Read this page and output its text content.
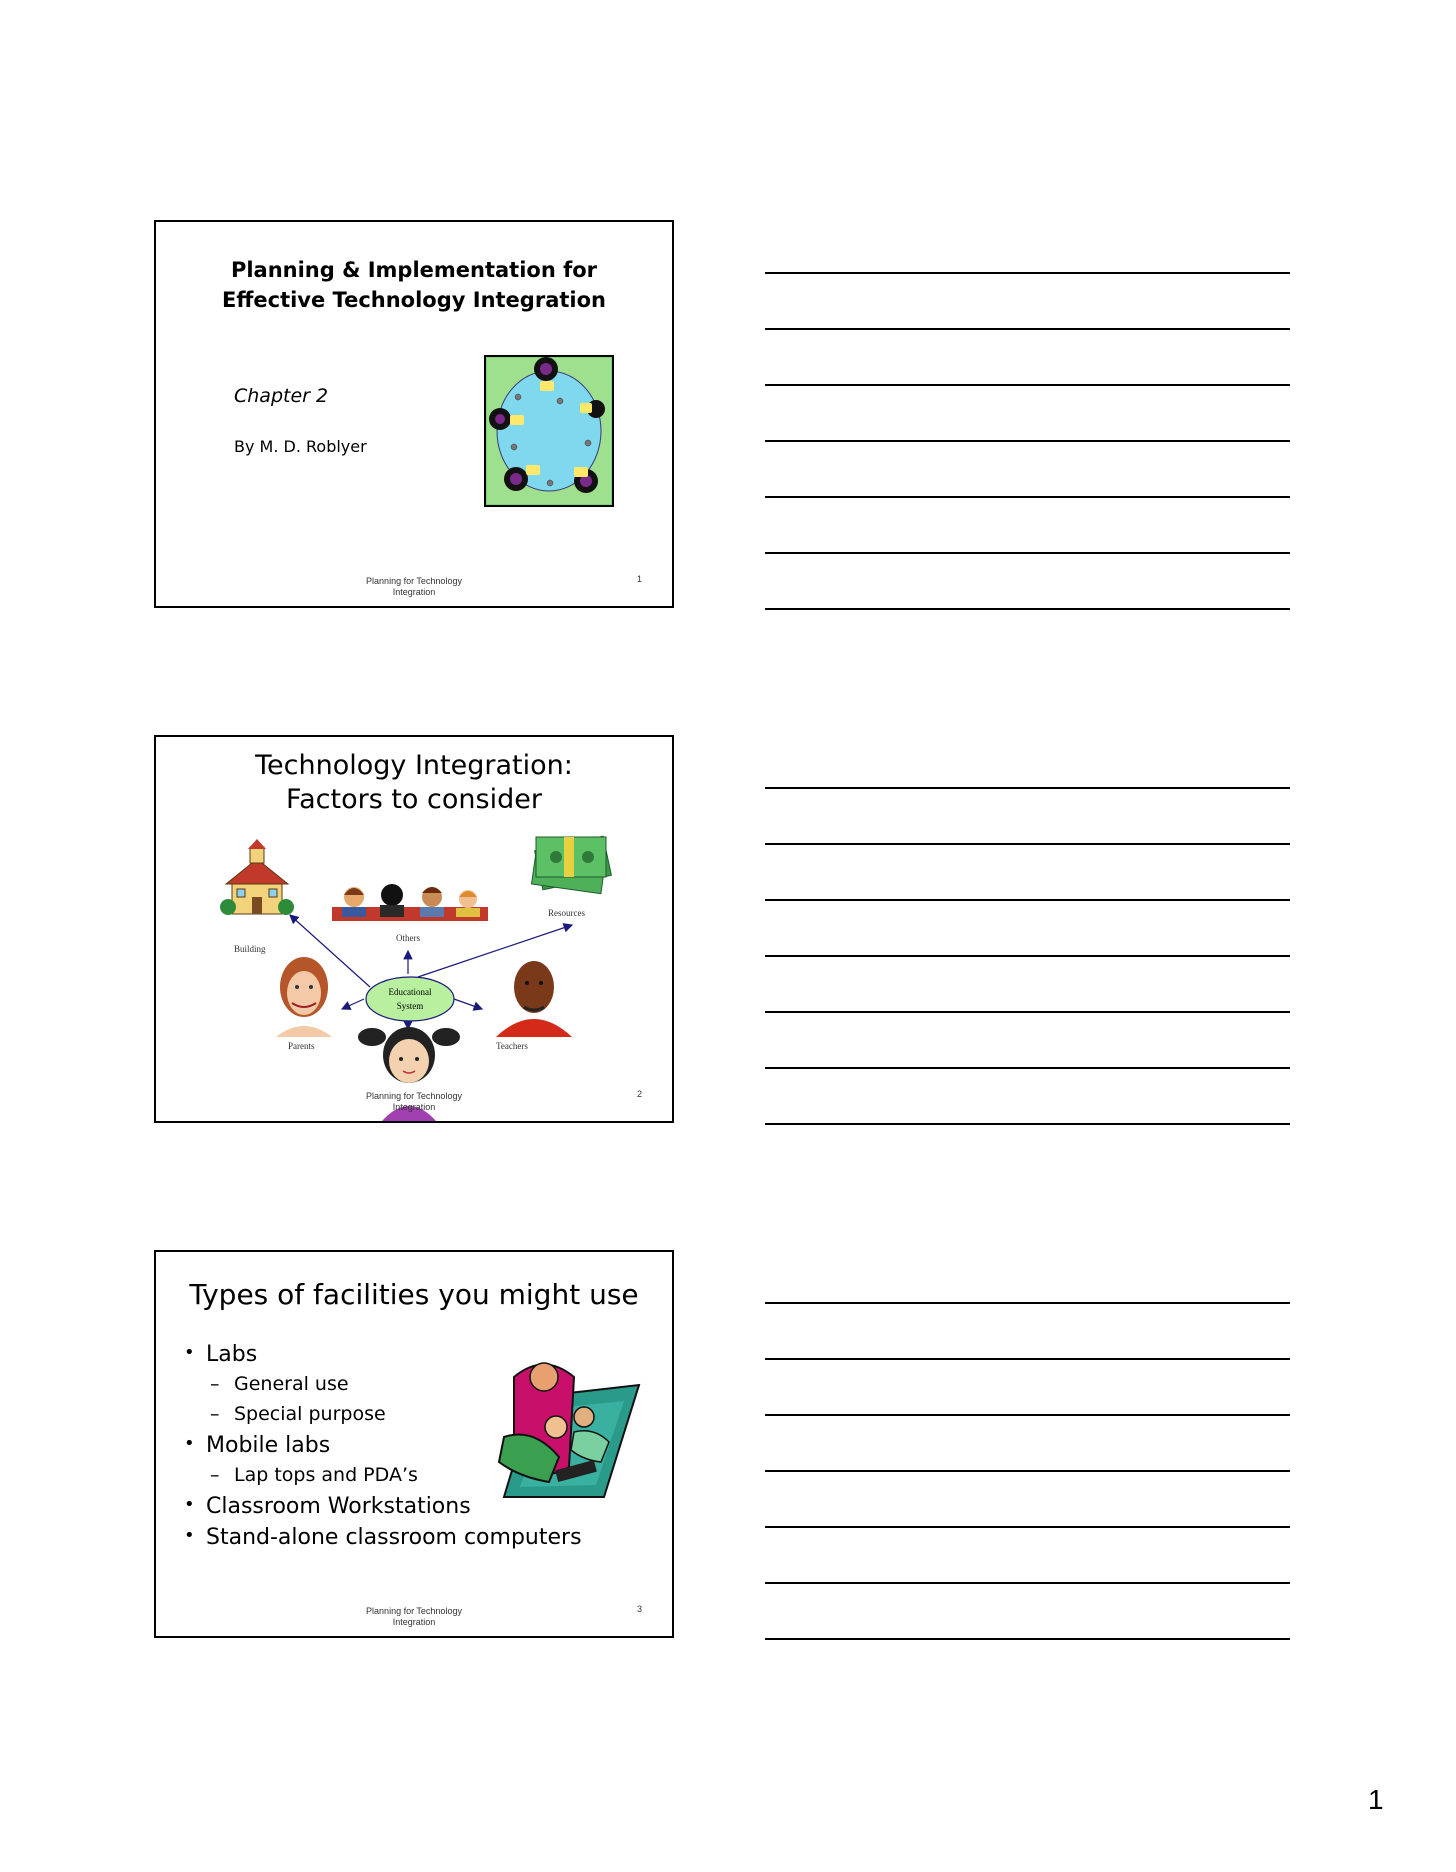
Planning & Implementation for
Effective Technology Integration
Chapter 2
By M. D. Roblyer
Planning for Technology
Integration
1
Technology Integration:
Factors to consider
Educational
System
Building
Others
Resources
Parents	Teachers
Planning for Technology
Integration
2
Types of facilities you might use
• Labs
– General use
– Special purpose
• Mobile labs
– Lap tops and PDA’s
• Classroom Workstations
• Stand-alone classroom computers
Planning for Technology
Integration
3
1
